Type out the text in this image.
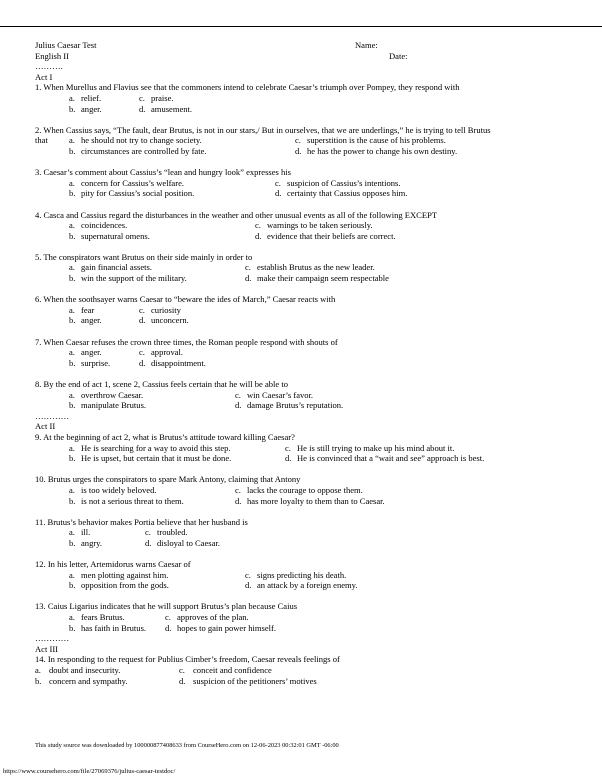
Julius Caesar Test	Name:
English II	Date:
……….
Act I
1. When Murellus and Flavius see that the commoners intend to celebrate Caesar’s triumph over Pompey, they respond with
a. relief.	c. praise.
b. anger.	d. amusement.
2. When Cassius says, “The fault, dear Brutus, is not in our stars,/ But in ourselves, that we are underlings,” he is trying to tell Brutus
that a. he should not try to change society.	c. superstition is the cause of his problems.
b. circumstances are controlled by fate.	d. he has the power to change his own destiny.
3. Caesar’s comment about Cassius’s “lean and hungry look” expresses his
a. concern for Cassius’s welfare.	c. suspicion of Cassius’s intentions.
b. pity for Cassius’s social position.	d. certainty that Cassius opposes him.
4. Casca and Cassius regard the disturbances in the weather and other unusual events as all of the following EXCEPT
a. coincidences.	c. warnings to be taken seriously.
b. supernatural omens.	d. evidence that their beliefs are correct.
5. The conspirators want Brutus on their side mainly in order to
a. gain financial assets.	c. establish Brutus as the new leader.
b. win the support of the military.	d. make their campaign seem respectable
6. When the soothsayer warns Caesar to “beware the ides of March,” Caesar reacts with
a. fear	c. curiosity
b. anger.	d. unconcern.
7. When Caesar refuses the crown three times, the Roman people respond with shouts of
a. anger.	c. approval.
b. surprise.	d. disappointment.
8. By the end of act 1, scene 2, Cassius feels certain that he will be able to
a. overthrow Caesar.	c. win Caesar’s favor.
b. manipulate Brutus.	d. damage Brutus’s reputation.
…………
Act II
9. At the beginning of act 2, what is Brutus’s attitude toward killing Caesar?
a. He is searching for a way to avoid this step.	c. He is still trying to make up his mind about it.
b. He is upset, but certain that it must be done.	d. He is convinced that a “wait and see” approach is best.
10. Brutus urges the conspirators to spare Mark Antony, claiming that Antony
a. is too widely beloved.	c. lacks the courage to oppose them.
b. is not a serious threat to them.	d. has more loyalty to them than to Caesar.
11. Brutus’s behavior makes Portia believe that her husband is
a. ill.	c. troubled.
b. angry.	d. disloyal to Caesar.
12. In his letter, Artemidorus warns Caesar of
a. men plotting against him.	c. signs predicting his death.
b. opposition from the gods.	d. an attack by a foreign enemy.
13. Caius Ligarius indicates that he will support Brutus’s plan because Caius
a. fears Brutus.	c. approves of the plan.
b. has faith in Brutus. d. hopes to gain power himself.
…………
Act III
14. In responding to the request for Publius Cimber’s freedom, Caesar reveals feelings of
a. doubt and insecurity.	c. conceit and confidence
b. concern and sympathy.	d. suspicion of the petitioners’ motives
This study source was downloaded by 100000877408633 from CourseHero.com on 12-06-2023 00:32:01 GMT -06:00
https://www.coursehero.com/file/27069376/julius-caesar-testdoc/
